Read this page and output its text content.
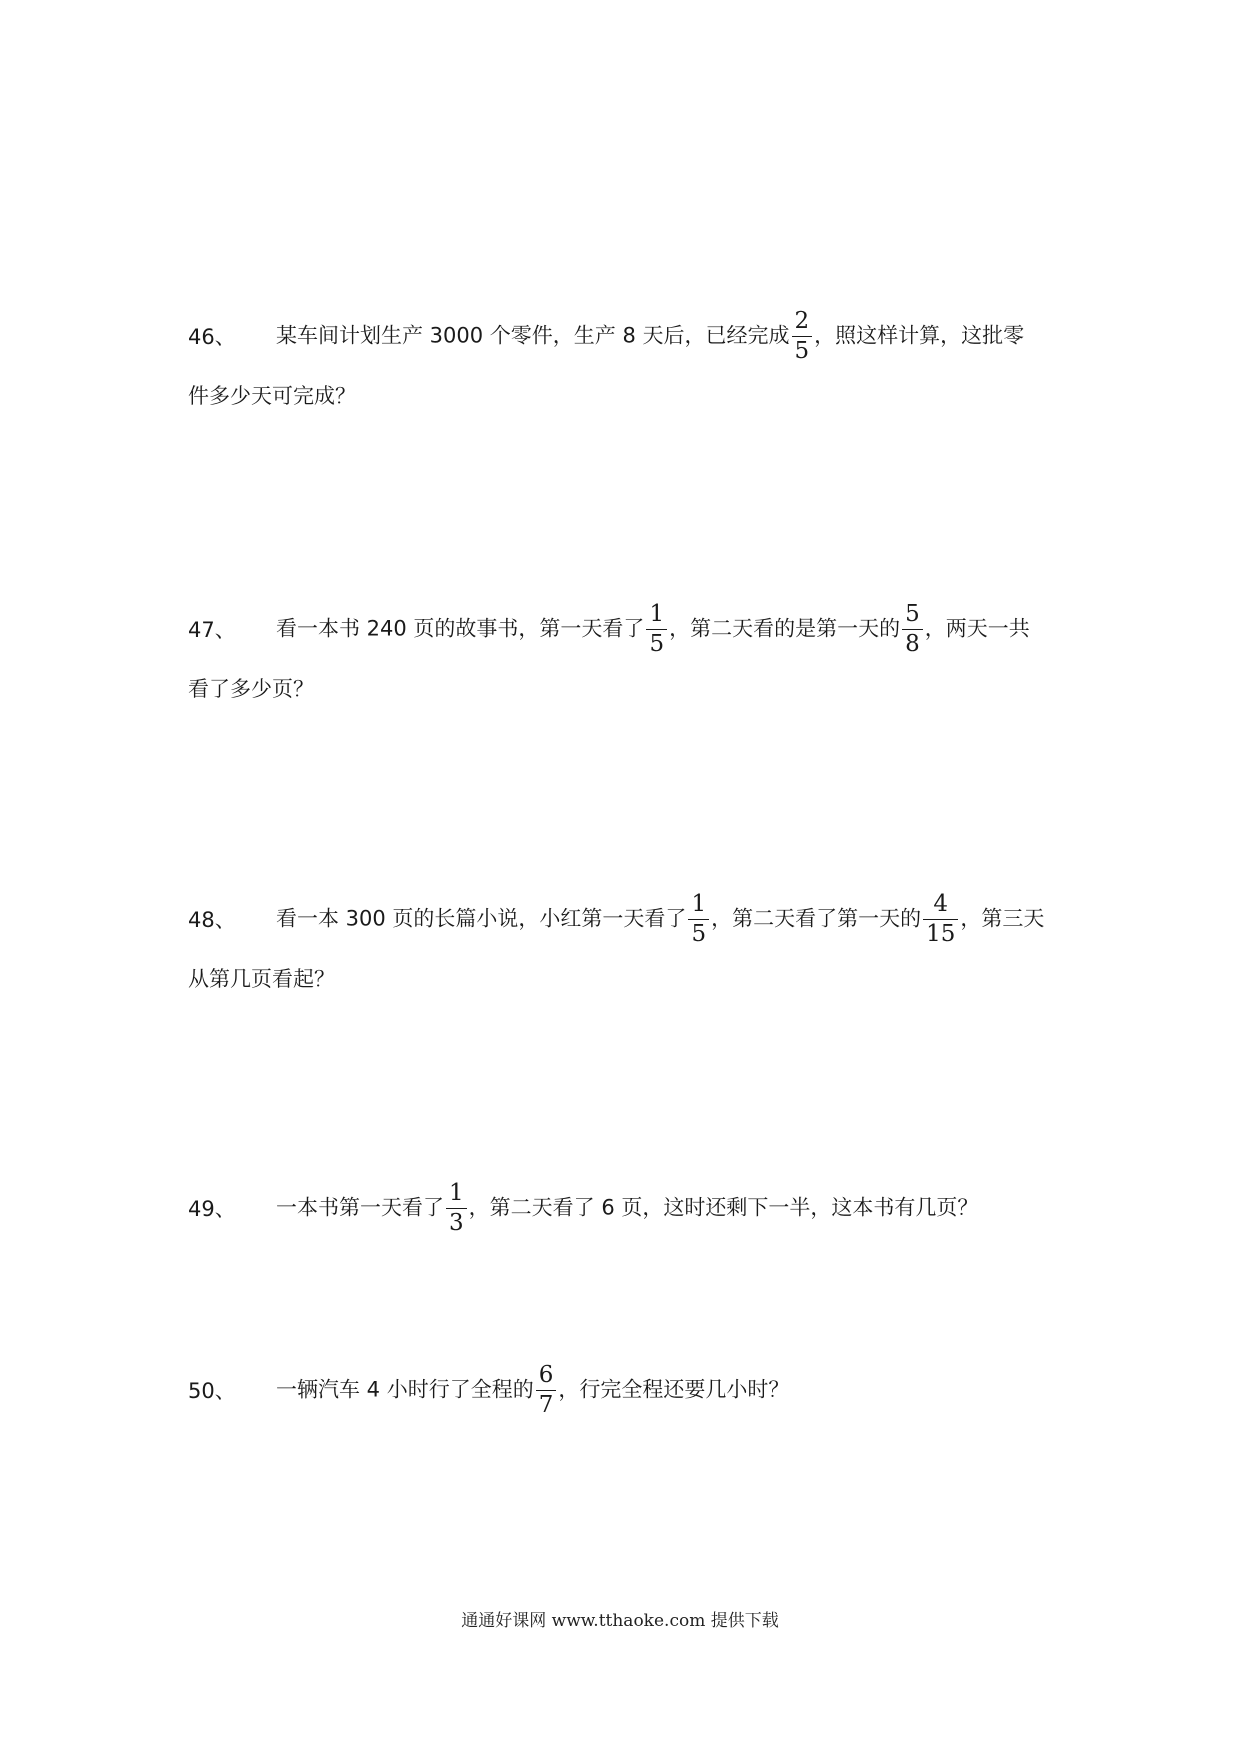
46、	某车间计划生产 3000 个零件，生产 8 天后，已经完成 $\frac{2}{5}$ ，照这样计算，这批零
件多少天可完成？
47、	看一本书 240 页的故事书，第一天看了 $\frac{1}{5}$ ，第二天看的是第一天的 $\frac{5}{8}$ ，两天一共
看了多少页？
48、	看一本 300 页的长篇小说，小红第一天看了 $\frac{1}{5}$ ，第二天看了第一天的 $\frac{4}{15}$ ，第三天
从第几页看起？
49、	一本书第一天看了 $\frac{1}{3}$ ，第二天看了 6 页，这时还剩下一半，这本书有几页？
50、	一辆汽车 4 小时行了全程的 $\frac{6}{7}$ ，行完全程还要几小时？
通通好课网 www.tthaoke.com 提供下载
